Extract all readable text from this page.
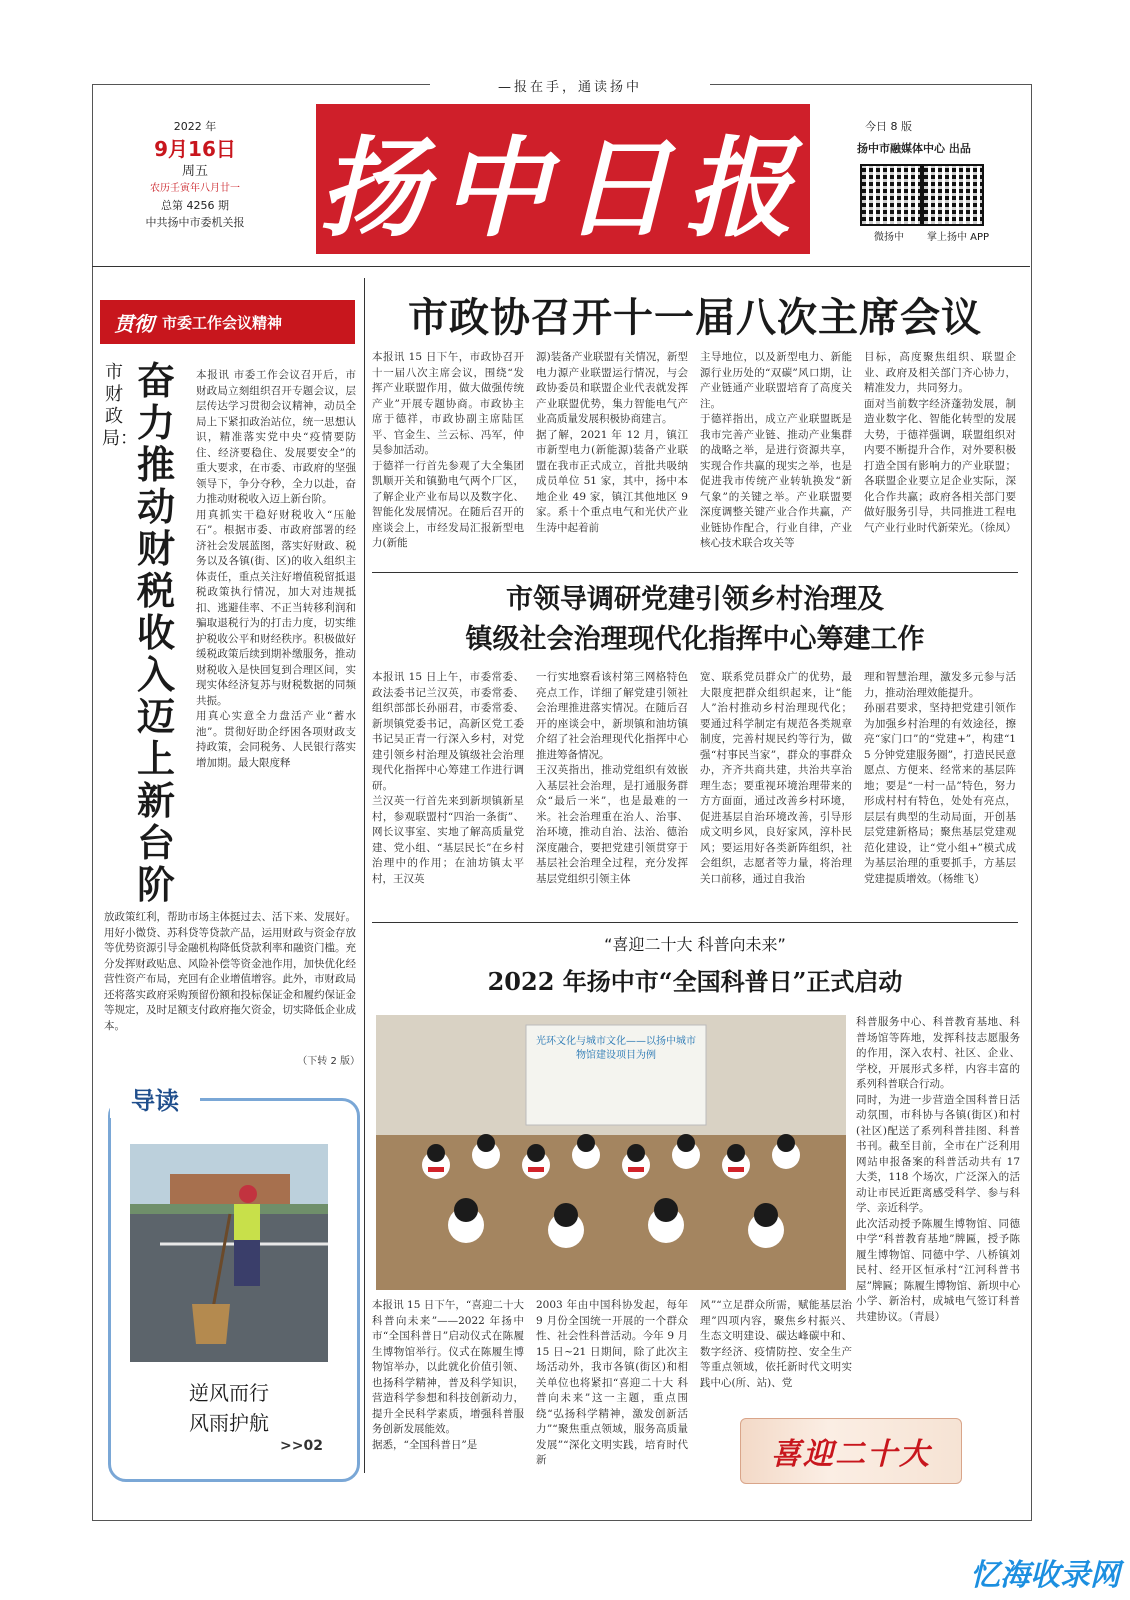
—报在手，通读扬中
2022 年
9月16日
周五
农历壬寅年八月廿一
总第 4256 期
中共扬中市委机关报 扬中日报	今日 8 版
扬中市融媒体中心 出品
微扬中	掌上扬中 APP
贯彻 市委工作会议精神
市财政局：
奋力推动财税收入迈上新台阶
本报讯 市委工作会议召开后，市财政局立刻组织召开专题会议，层层传达学习贯彻会议精神，动员全局上下紧扣政治站位，统一思想认识，精准落实党中央“疫情要防住、经济要稳住、发展要安全”的重大要求，在市委、市政府的坚强领导下，争分夺秒，全力以赴，奋力推动财税收入迈上新台阶。
用真抓实干稳好财税收入“压舱石”。根据市委、市政府部署的经济社会发展蓝图，落实好财政、税务以及各镇(街、区)的收入组织主体责任，重点关注好增值税留抵退税政策执行情况，加大对违规抵扣、逃避佳率、不正当转移利润和骗取退税行为的打击力度，切实维护税收公平和财经秩序。积极做好缓税政策后续到期补缴服务，推动财税收入是快回复到合理区间，实现实体经济复苏与财税数据的同频共振。
用真心实意全力盘活产业“蓄水池”。贯彻好助企纾困各项财政支持政策，会同税务、人民银行落实增加期。最大限度释
放政策红利，帮助市场主体挺过去、活下来、发展好。用好小微贷、苏科贷等贷款产品，运用财政与资金存放等优势资源引导金融机构降低贷款利率和融资门槛。充分发挥财政贴息、风险补偿等资金池作用，加快优化经营性资产布局，充回有企业增值增容。此外，市财政局还将落实政府采购预留份额和投标保证金和履约保证金等规定，及时足额支付政府拖欠资金，切实降低企业成本。
（下转 2 版）
导读
逆风而行
风雨护航
>>02
市政协召开十一届八次主席会议
本报讯 15 日下午，市政协召开十一届八次主席会议，围绕“发挥产业联盟作用，做大做强传统产业”开展专题协商。市政协主席于德祥，市政协副主席陆匡平、官金生、兰云标、冯军，仲昊参加活动。
于德祥一行首先参观了大全集团凯顺开关和镇勤电气两个厂区，了解企业产业布局以及数字化、智能化发展情况。在随后召开的座谈会上，市经发局汇报新型电力(新能
源)装备产业联盟有关情况，新型电力源产业联盟运行情况，与会政协委员和联盟企业代表就发挥产业联盟优势，集力智能电气产业高质量发展积极协商建言。
据了解，2021 年 12 月，镇江市新型电力(新能源)装备产业联盟在我市正式成立，首批共吸纳成员单位 51 家，其中，扬中本地企业 49 家，镇江其他地区 9 家。系十个重点电气和光伏产业生涛中起着前
主导地位，以及新型电力、新能源行业历处的“双碳”风口期，让产业链通产业联盟培育了高度关注。
于德祥指出，成立产业联盟既是我市完善产业链、推动产业集群的战略之举，是进行资源共享，实现合作共赢的现实之举，也是促进我市传统产业转轨换发“新气象”的关键之举。产业联盟要深度调整关键产业合作共赢，产业链协作配合，行业自律，产业核心技术联合攻关等
目标，高度聚焦组织、联盟企业、政府及相关部门齐心协力，精准发力，共同努力。
面对当前数字经济蓬勃发展，制造业数字化、智能化转型的发展大势，于德祥强调，联盟组织对内要不断提升合作，对外要积极打造全国有影响力的产业联盟；各联盟企业要立足企业实际，深化合作共赢；政府各相关部门要做好服务引导，共同推进工程电气产业行业时代新荣光。（徐凤）
市领导调研党建引领乡村治理及
镇级社会治理现代化指挥中心筹建工作
本报讯 15 日上午，市委常委、政法委书记兰汉英，市委常委、组织部部长孙丽君，市委常委、新坝镇党委书记，高新区党工委书记吴正青一行深入乡村，对党建引领乡村治理及镇级社会治理现代化指挥中心筹建工作进行调研。
兰汉英一行首先来到新坝镇新星村，参观联盟村“四治一条街”、网长议事室、实地了解高质量党建、党小组、“基层民长”在乡村治理中的作用；在油坊镇太平村，王汉英
一行实地察看该村第三网格特色亮点工作，详细了解党建引领社会治理推进落实情况。在随后召开的座谈会中，新坝镇和油坊镇介绍了社会治理现代化指挥中心推进筹备情况。
王汉英指出，推动党组织有效嵌入基层社会治理，是打通服务群众“最后一米”，也是最难的一米。社会治理重在治人、治事、治环境，推动自治、法治、德治深度融合，要把党建引领贯穿于基层社会治理全过程，充分发挥基层党组织引领主体
宽、联系党员群众广的优势，最大限度把群众组织起来，让“能人”治村推动乡村治理现代化；要通过科学制定有规范各类规章制度，完善村规民约等行为，做强“村事民当家”，群众的事群众办，齐齐共商共建，共治共享治理生态；要重视环境治理带来的方方面面，通过改善乡村环境，促进基层自治环境改善，引导形成文明乡风，良好家风，淳朴民风；要运用好各类新阵组织，社会组织，志愿者等力量，将治理关口前移，通过自我治
理和智慧治理，激发多元参与活力，推动治理效能提升。
孙丽君要求，坚持把党建引领作为加强乡村治理的有效途径，擦亮“家门口”的“党建+”，构建“15 分钟党建服务圈”，打造民民意愿点、方便来、经常来的基层阵地；要是“一村一品”特色，努力形成村村有特色，处处有亮点，层层有典型的生动局面，开创基层党建新格局；聚焦基层党建观范化建设，让“党小组+”模式成为基层治理的重要抓手，方基层党建提质增效。（杨维飞）
“喜迎二十大 科普向未来”
2022 年扬中市“全国科普日”正式启动
光环文化与城市文化——以扬中城市物馆建设项目为例
科普服务中心、科普教育基地、科普场馆等阵地，发挥科技志愿服务的作用，深入农村、社区、企业、学校，开展形式多样，内容丰富的系列科普联合行动。
同时，为进一步营造全国科普日活动氛围，市科协与各镇(街区)和村(社区)配送了系列科普挂图、科普书刊。截至目前，全市在广泛利用网站申报备案的科普活动共有 17 大类，118 个场次，广泛深入的活动让市民近距离感受科学、参与科学、亲近科学。
此次活动授予陈履生博物馆、同德中学“科普教育基地”牌匾，授予陈履生博物馆、同德中学、八桥镇刘民村、经开区恒承村“江河科普书屋”牌匾；陈履生博物馆、新坝中心小学、新治村，成城电气签订科普共建协议。（青晨）
本报讯 15 日下午，“喜迎二十大 科普向未来”——2022 年扬中市“全国科普日”启动仪式在陈履生博物馆举行。仪式在陈履生博物馆举办，以此就化价值引领、也扬科学精神，普及科学知识，营造科学参想和科技创新动力，提升全民科学素质，增强科普服务创新发展能效。
据悉，“全国科普日”是
2003 年由中国科协发起，每年 9 月份全国统一开展的一个群众性、社会性科普活动。今年 9 月 15 日~21 日期间，除了此次主场活动外，我市各镇(街区)和相关单位也将紧扣“喜迎二十大 科普向未来”这一主题，重点围绕“弘扬科学精神，激发创新活力”“聚焦重点领域，服务高质量发展”“深化文明实践，培育时代新
风”“立足群众所需，赋能基层治理”四项内容，聚焦乡村振兴、生态文明建设、碳达峰碳中和、数字经济、疫情防控、安全生产等重点领域，依托新时代文明实践中心(所、站)、党
喜迎二十大
忆海收录网
